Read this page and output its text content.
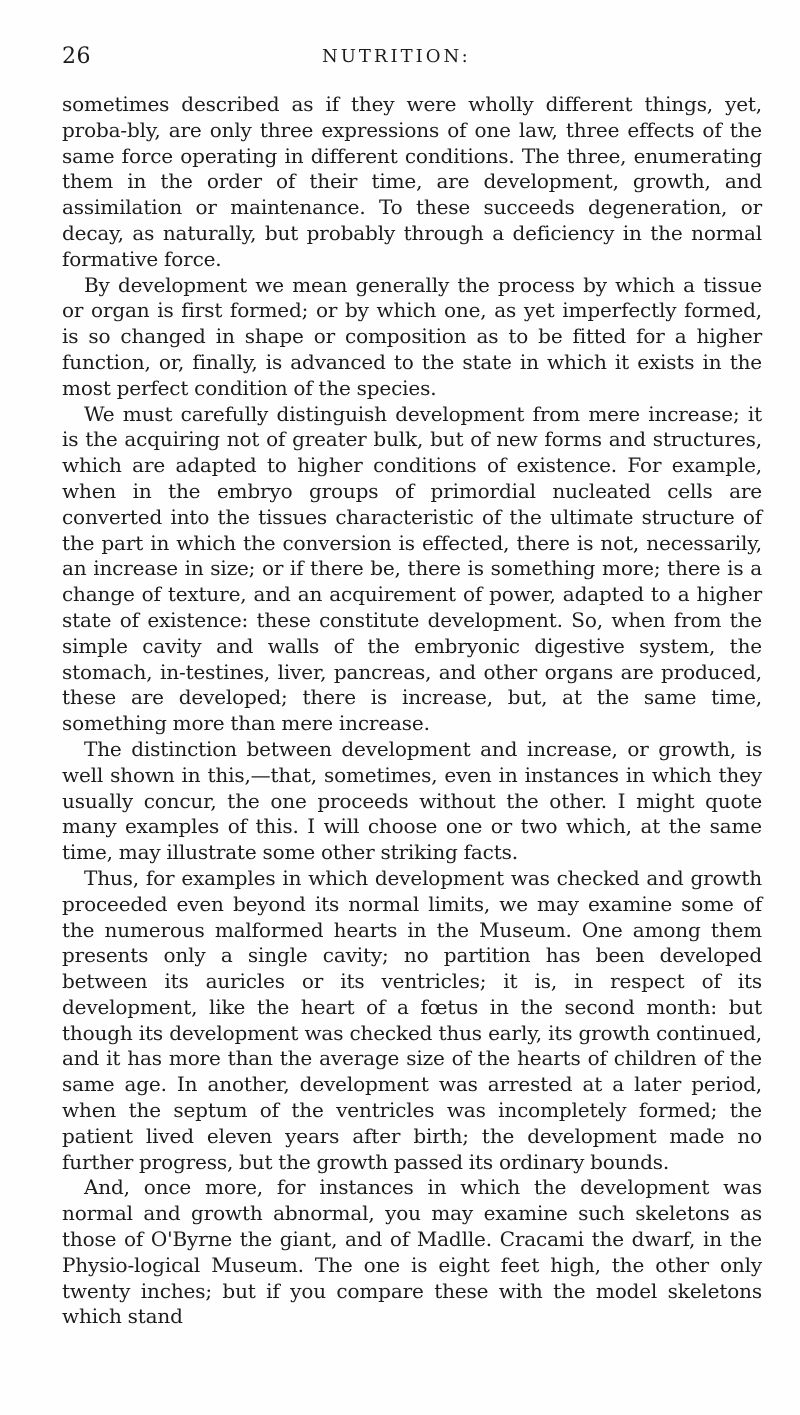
26	NUTRITION:

sometimes described as if they were wholly different things, yet, proba-bly, are only three expressions of one law, three effects of the same force operating in different conditions. The three, enumerating them in the order of their time, are development, growth, and assimilation or maintenance. To these succeeds degeneration, or decay, as naturally, but probably through a deficiency in the normal formative force.

By development we mean generally the process by which a tissue or organ is first formed; or by which one, as yet imperfectly formed, is so changed in shape or composition as to be fitted for a higher function, or, finally, is advanced to the state in which it exists in the most perfect condition of the species.

We must carefully distinguish development from mere increase; it is the acquiring not of greater bulk, but of new forms and structures, which are adapted to higher conditions of existence. For example, when in the embryo groups of primordial nucleated cells are converted into the tissues characteristic of the ultimate structure of the part in which the conversion is effected, there is not, necessarily, an increase in size; or if there be, there is something more; there is a change of texture, and an acquirement of power, adapted to a higher state of existence: these constitute development. So, when from the simple cavity and walls of the embryonic digestive system, the stomach, in-testines, liver, pancreas, and other organs are produced, these are developed; there is increase, but, at the same time, something more than mere increase.

The distinction between development and increase, or growth, is well shown in this,—that, sometimes, even in instances in which they usually concur, the one proceeds without the other. I might quote many examples of this. I will choose one or two which, at the same time, may illustrate some other striking facts.

Thus, for examples in which development was checked and growth proceeded even beyond its normal limits, we may examine some of the numerous malformed hearts in the Museum. One among them presents only a single cavity; no partition has been developed between its auricles or its ventricles; it is, in respect of its development, like the heart of a fœtus in the second month: but though its development was checked thus early, its growth continued, and it has more than the average size of the hearts of children of the same age. In another, development was arrested at a later period, when the septum of the ventricles was incompletely formed; the patient lived eleven years after birth; the development made no further progress, but the growth passed its ordinary bounds.

And, once more, for instances in which the development was normal and growth abnormal, you may examine such skeletons as those of O'Byrne the giant, and of Madlle. Cracami the dwarf, in the Physio-logical Museum. The one is eight feet high, the other only twenty inches; but if you compare these with the model skeletons which stand
